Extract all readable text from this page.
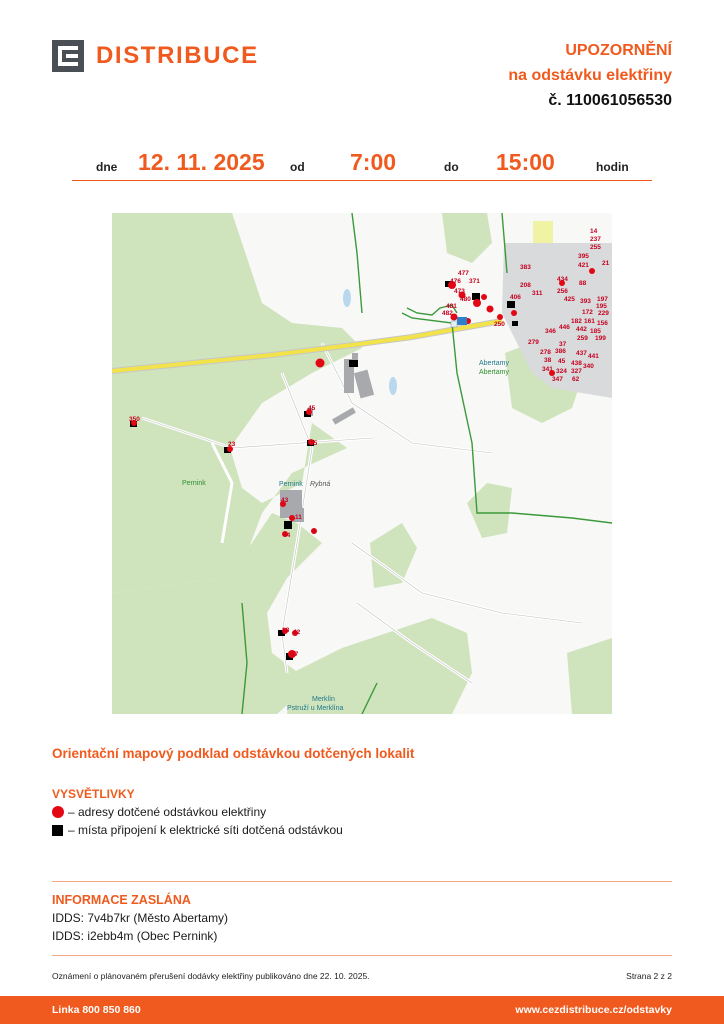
DISTRIBUCE	UPOZORNĚNÍ
na odstávku elektřiny
č. 110061056530
dne 12. 11. 2025 od 7:00	do 15:00	hodin
Abertamy
Abertamy
Pernink	Pernink Rybná
Merklín
Pstruží u Merklína
350
23
45
15
43
11
44
8
18 42
17
383
477
476 371
208
311
434
256
425 393 197
406
395
14
237
255
446 442
259
278	437 441
341
347 62
156
199
229
182 161
172
195
250
482
481
480
473
279
346
386
438 340
324 327
38 45
37
88
421
185
21
Orientační mapový podklad odstávkou dotčených lokalit
VYSVĚTLIVKY
– adresy dotčené odstávkou elektřiny
– místa připojení k elektrické síti dotčená odstávkou
INFORMACE ZASLÁNA
IDDS: 7v4b7kr (Město Abertamy)
IDDS: i2ebb4m (Obec Pernink)
Oznámení o plánovaném přerušení dodávky elektřiny publikováno dne 22. 10. 2025.	Strana 2 z 2
Linka 800 850 860	www.cezdistribuce.cz/odstavky
